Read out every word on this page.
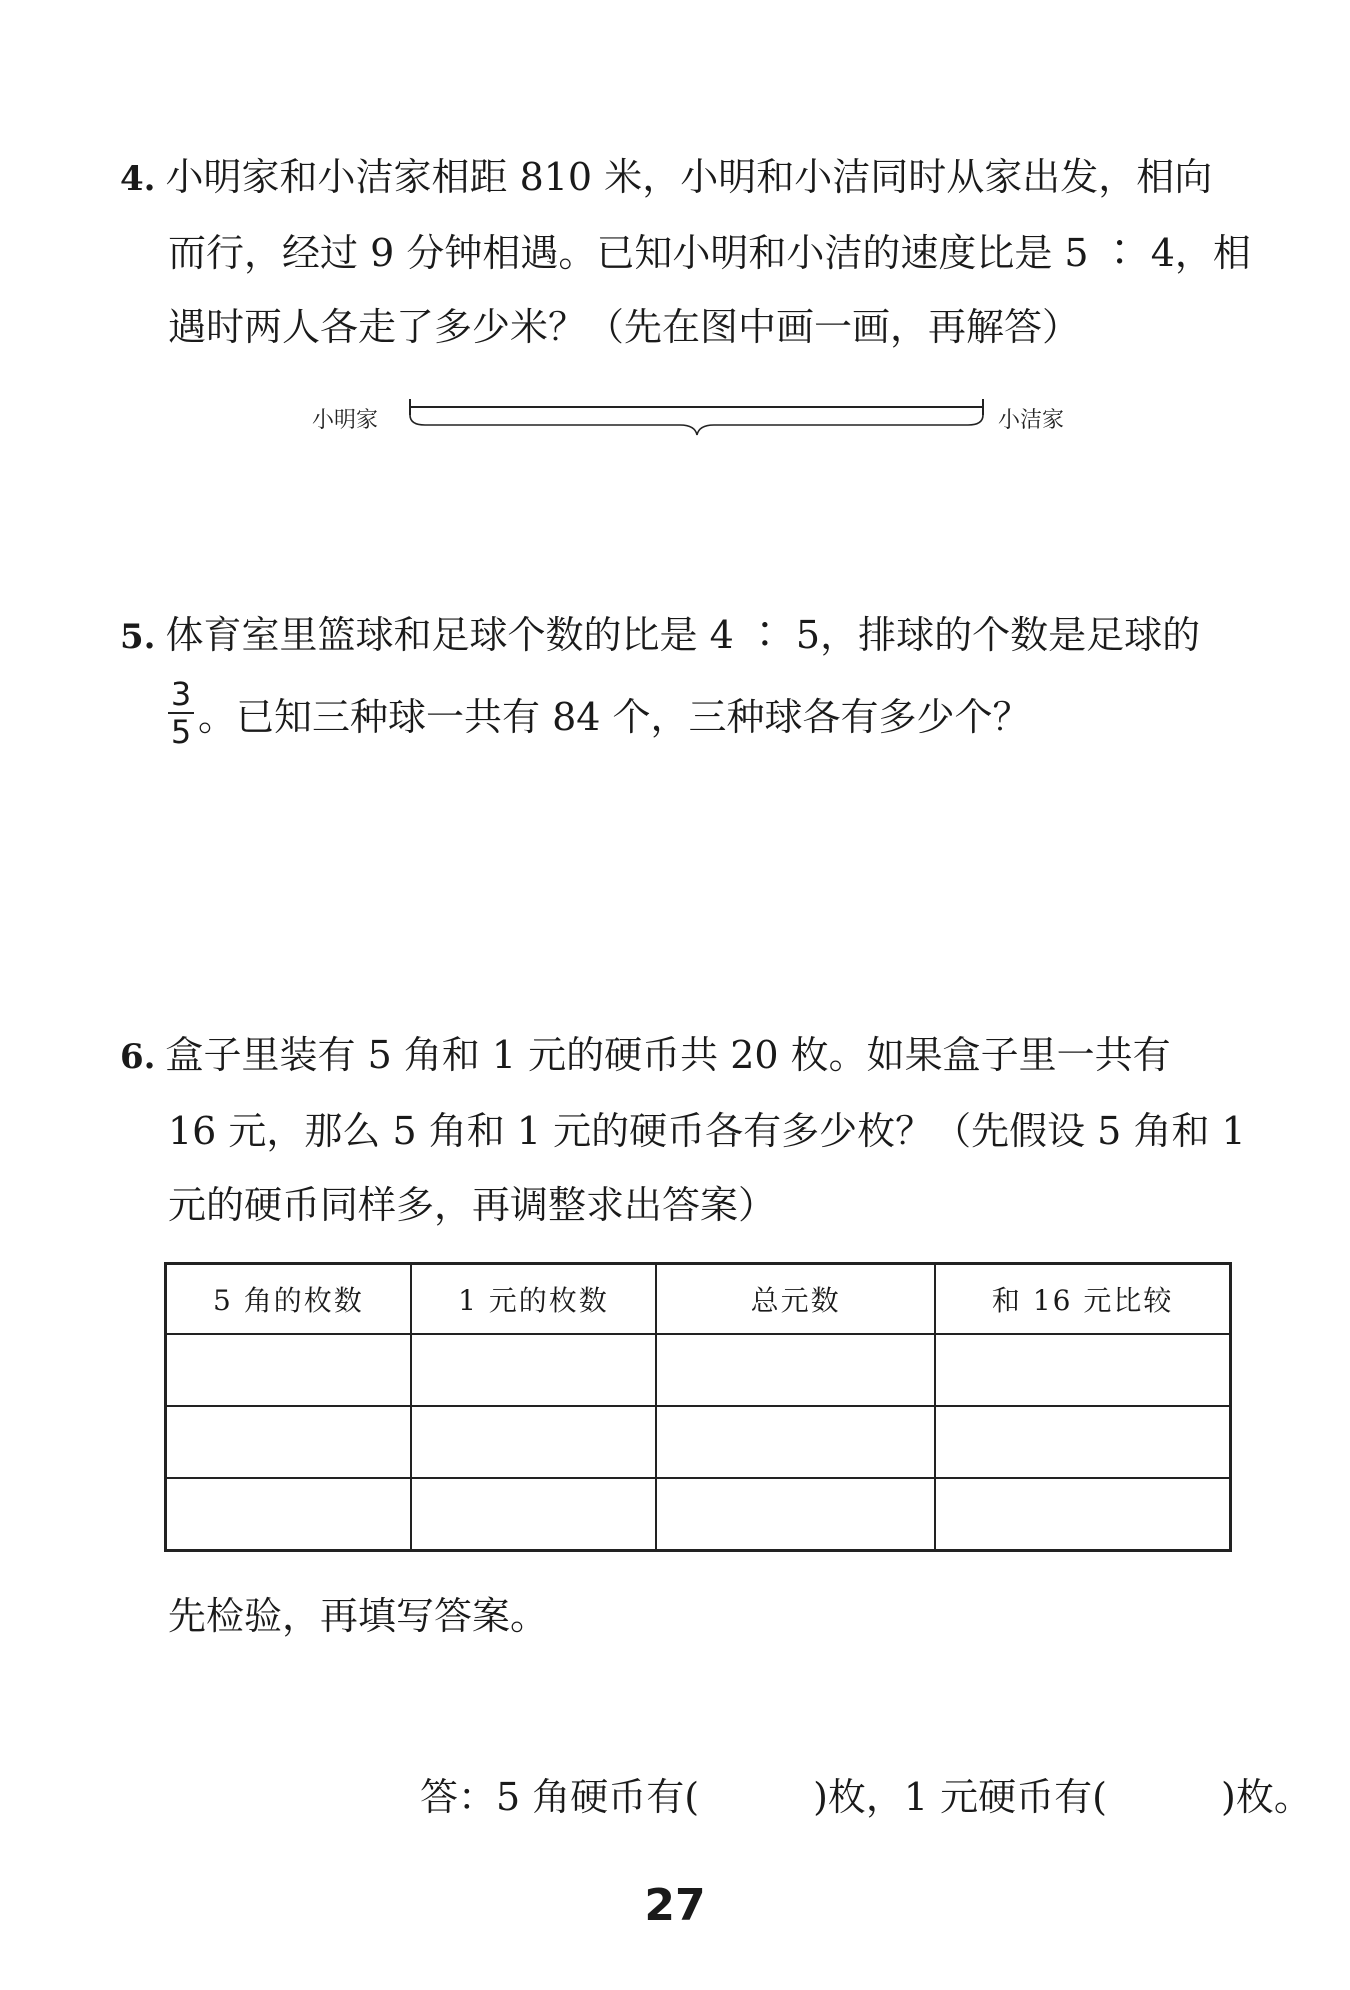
4. 小明家和小洁家相距 810 米，小明和小洁同时从家出发，相向

而行，经过 9 分钟相遇。已知小明和小洁的速度比是 5 ∶ 4，相

遇时两人各走了多少米？（先在图中画一画，再解答）

小明家	小洁家

5. 体育室里篮球和足球个数的比是 4 ∶ 5，排球的个数是足球的

$\frac{3}{5}$ 。已知三种球一共有 84 个，三种球各有多少个？

6. 盒子里装有 5 角和 1 元的硬币共 20 枚。如果盒子里一共有

16 元，那么 5 角和 1 元的硬币各有多少枚？（先假设 5 角和 1

元的硬币同样多，再调整求出答案）

5 角的枚数	1 元的枚数	总元数	和 16 元比较

先检验，再填写答案。
答：5 角硬币有(　　　)枚，1 元硬币有(　　　)枚。
27
